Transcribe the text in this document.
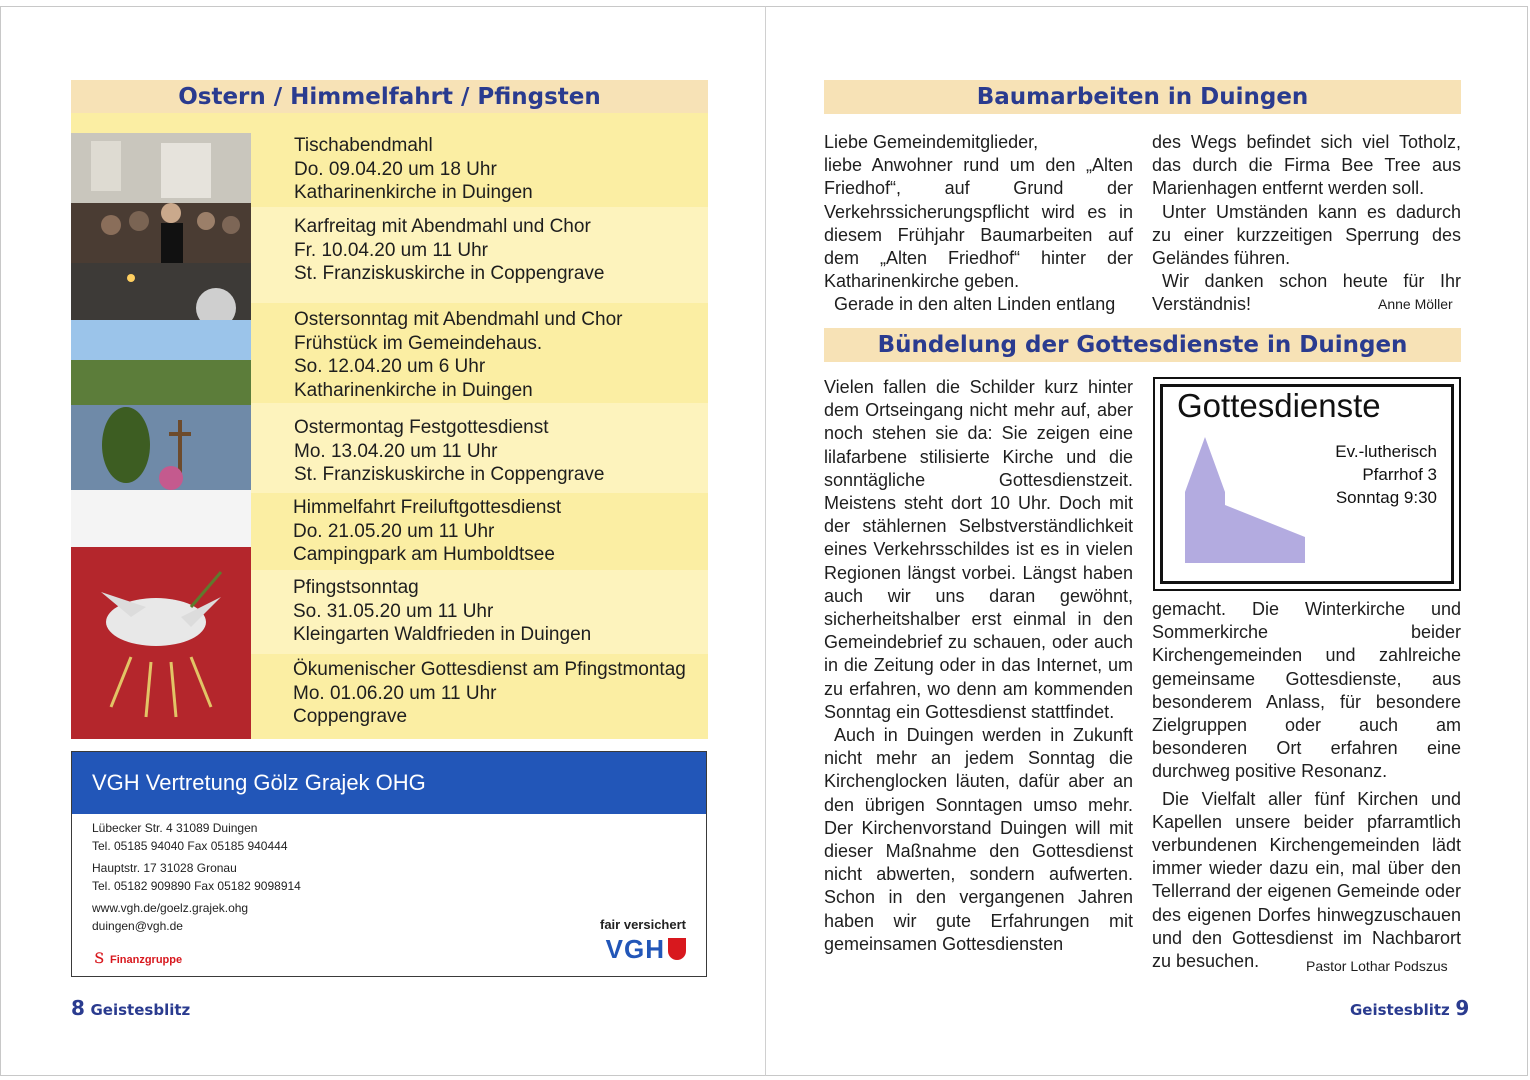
Ostern / Himmelfahrt / Pfingsten
Tischabendmahl
Do. 09.04.20 um 18 Uhr
Katharinenkirche in Duingen
Karfreitag mit Abendmahl und Chor
Fr. 10.04.20 um 11 Uhr
St. Franziskuskirche in Coppengrave
Ostersonntag mit Abendmahl und Chor
Frühstück im Gemeindehaus.
So. 12.04.20 um 6 Uhr
Katharinenkirche in Duingen
Ostermontag Festgottesdienst
Mo. 13.04.20 um 11 Uhr
St. Franziskuskirche in Coppengrave
Himmelfahrt Freiluftgottesdienst
Do. 21.05.20 um 11 Uhr
Campingpark am Humboldtsee
Pfingstsonntag
So. 31.05.20 um 11 Uhr
Kleingarten Waldfrieden in Duingen
Ökumenischer Gottesdienst am Pfingstmontag
Mo. 01.06.20 um 11 Uhr
Coppengrave
VGH Vertretung Gölz Grajek OHG
Lübecker Str. 4 31089 Duingen
Tel. 05185 94040 Fax 05185 940444
Hauptstr. 17 31028 Gronau
Tel. 05182 909890 Fax 05182 9098914
www.vgh.de/goelz.grajek.ohg
duingen@vgh.de
Ｓ Finanzgruppe
fair versichert
VGH
8 Geistesblitz
Baumarbeiten in Duingen

Liebe Gemeindemitglieder,

liebe Anwohner rund um den „Alten Friedhof“, auf Grund der Verkehrssicherungspflicht wird es in diesem Frühjahr Baumarbeiten auf dem „Alten Friedhof“ hinter der Katharinenkirche geben.

Gerade in den alten Linden entlang

des Wegs befindet sich viel Totholz, das durch die Firma Bee Tree aus Marienhagen entfernt werden soll.

Unter Umständen kann es dadurch zu einer kurzzeitigen Sperrung des Geländes führen.

Wir danken schon heute für Ihr Verständnis!	Anne Möller
Bündelung der Gottesdienste in Duingen

Vielen fallen die Schilder kurz hinter dem Ortseingang nicht mehr auf, aber noch stehen sie da: Sie zeigen eine lilafarbene stilisierte Kirche und die sonntägliche Gottesdienstzeit. Meistens steht dort 10 Uhr. Doch mit der stählernen Selbstverständlichkeit eines Verkehrsschildes ist es in vielen Regionen längst vorbei. Längst haben auch wir uns daran gewöhnt, sicherheitshalber erst einmal in den Gemeindebrief zu schauen, oder auch in die Zeitung oder in das Internet, um zu erfahren, wo denn am kommenden Sonntag ein Gottesdienst stattfindet.

Auch in Duingen werden in Zukunft nicht mehr an jedem Sonntag die Kirchenglocken läuten, dafür aber an den übrigen Sonntagen umso mehr. Der Kirchenvorstand Duingen will mit dieser Maßnahme den Gottesdienst nicht abwerten, sondern aufwerten. Schon in den vergangenen Jahren haben wir gute Erfahrungen mit gemeinsamen Gottesdiensten

Gottesdienste
Ev.-lutherisch
Pfarrhof 3
Sonntag 9:30

gemacht. Die Winterkirche und Sommerkirche beider Kirchengemeinden und zahlreiche gemeinsame Gottesdienste, aus besonderem Anlass, für besondere Zielgruppen oder auch am besonderen Ort erfahren eine durchweg positive Resonanz.

Die Vielfalt aller fünf Kirchen und Kapellen unsere beider pfarramtlich verbundenen Kirchengemeinden lädt immer wieder dazu ein, mal über den Tellerrand der eigenen Gemeinde oder des eigenen Dorfes hinwegzuschauen und den Gottesdienst im Nachbarort zu besuchen.	Pastor Lothar Podszus
Geistesblitz 9
